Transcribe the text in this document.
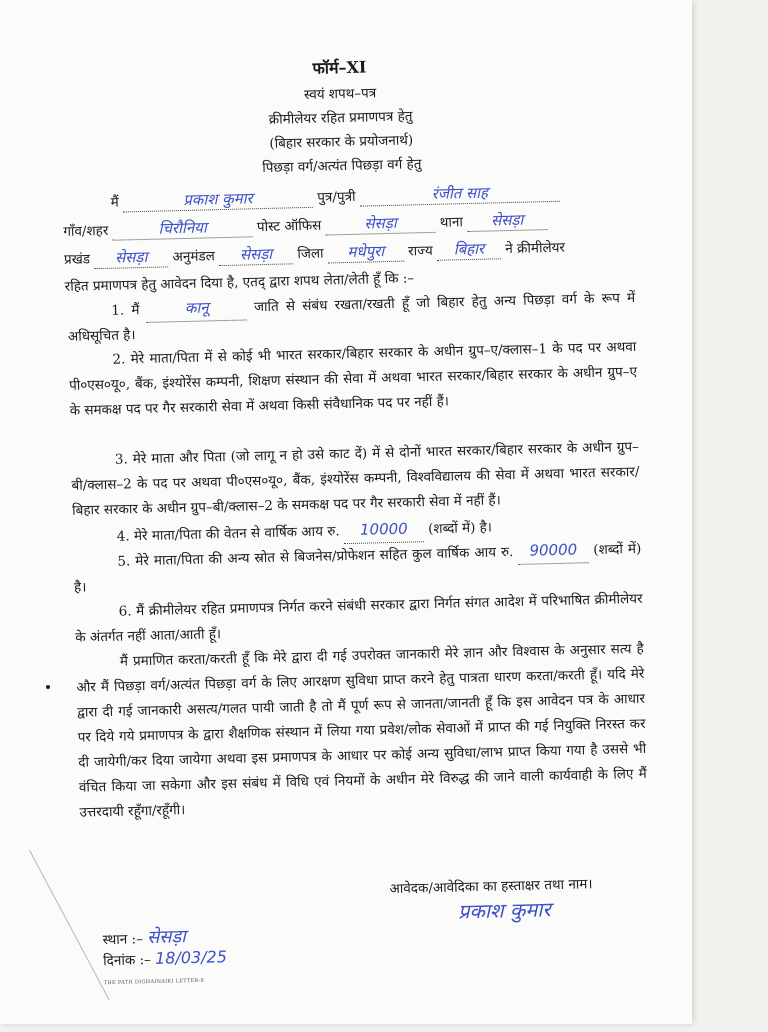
फॉर्म–XI
स्वयं शपथ–पत्र
क्रीमीलेयर रहित प्रमाणपत्र हेतु
(बिहार सरकार के प्रयोजनार्थ)
पिछड़ा वर्ग/अत्यंत पिछड़ा वर्ग हेतु
मैं	प्रकाश कुमार	पुत्र/पुत्री	रंजीत साह
गाँव/शहर	चिरौनिया	पोस्ट ऑफिस	सेसड़ा	थाना सेसड़ा
प्रखंड सेसड़ा अनुमंडल सेसड़ा जिला मधेपुरा राज्य बिहार ने क्रीमीलेयर
रहित प्रमाणपत्र हेतु आवेदन दिया है, एतद् द्वारा शपथ लेता/लेती हूँ कि :–
1. मैं	कानू	जाति से संबंध रखता/रखती हूँ जो बिहार हेतु अन्य पिछड़ा वर्ग के रूप में अधिसूचित है।
2. मेरे माता/पिता में से कोई भी भारत सरकार/बिहार सरकार के अधीन ग्रुप–ए/क्लास–1 के पद पर अथवा पी०एस०यू०, बैंक, इंश्योरेंस कम्पनी, शिक्षण संस्थान की सेवा में अथवा भारत सरकार/बिहार सरकार के अधीन ग्रुप–ए के समकक्ष पद पर गैर सरकारी सेवा में अथवा किसी संवैधानिक पद पर नहीं हैं।
3. मेरे माता और पिता (जो लागू न हो उसे काट दें) में से दोनों भारत सरकार/बिहार सरकार के अधीन ग्रुप–बी/क्लास–2 के पद पर अथवा पी०एस०यू०, बैंक, इंश्योरेंस कम्पनी, विश्वविद्यालय की सेवा में अथवा भारत सरकार/बिहार सरकार के अधीन ग्रुप–बी/क्लास–2 के समकक्ष पद पर गैर सरकारी सेवा में नहीं हैं।
4. मेरे माता/पिता की वेतन से वार्षिक आय रु. 10000 (शब्दों में) है।
5. मेरे माता/पिता की अन्य स्रोत से बिजनेस/प्रोफेशन सहित कुल वार्षिक आय रु. 90000 (शब्दों में) है।
6. मैं क्रीमीलेयर रहित प्रमाणपत्र निर्गत करने संबंधी सरकार द्वारा निर्गत संगत आदेश में परिभाषित क्रीमीलेयर के अंतर्गत नहीं आता/आती हूँ।
मैं प्रमाणित करता/करती हूँ कि मेरे द्वारा दी गई उपरोक्त जानकारी मेरे ज्ञान और विश्वास के अनुसार सत्य है और मैं पिछड़ा वर्ग/अत्यंत पिछड़ा वर्ग के लिए आरक्षण सुविधा प्राप्त करने हेतु पात्रता धारण करता/करती हूँ। यदि मेरे द्वारा दी गई जानकारी असत्य/गलत पायी जाती है तो मैं पूर्ण रूप से जानता/जानती हूँ कि इस आवेदन पत्र के आधार पर दिये गये प्रमाणपत्र के द्वारा शैक्षणिक संस्थान में लिया गया प्रवेश/लोक सेवाओं में प्राप्त की गई नियुक्ति निरस्त कर दी जायेगी/कर दिया जायेगा अथवा इस प्रमाणपत्र के आधार पर कोई अन्य सुविधा/लाभ प्राप्त किया गया है उससे भी वंचित किया जा सकेगा और इस संबंध में विधि एवं नियमों के अधीन मेरे विरुद्ध की जाने वाली कार्यवाही के लिए मैं उत्तरदायी रहूँगा/रहूँगी।
आवेदक/आवेदिका का हस्ताक्षर तथा नाम।
प्रकाश कुमार
स्थान :– सेसड़ा
दिनांक :– 18/03/25
THE PATH DIGHAINAIKI LETTER-8
